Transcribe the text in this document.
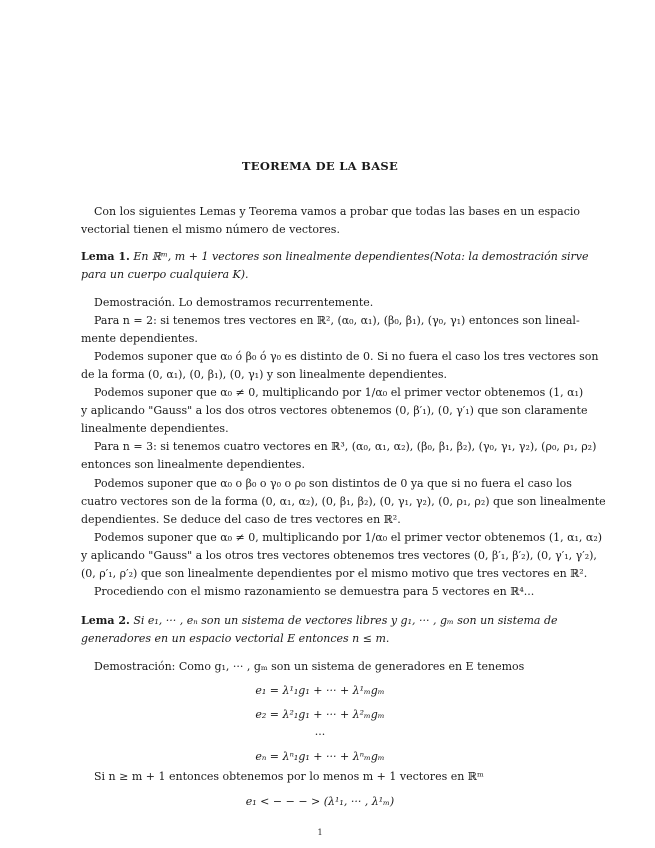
TEOREMA DE LA BASE
Con los siguientes Lemas y Teorema vamos a probar que todas las bases en un espacio
vectorial tienen el mismo número de vectores.
Lema 1. En ℝᵐ, m + 1 vectores son linealmente dependientes(Nota: la demostración sirve
para un cuerpo cualquiera K).
Demostración. Lo demostramos recurrentemente.
Para n = 2: si tenemos tres vectores en ℝ², (α₀, α₁), (β₀, β₁), (γ₀, γ₁) entonces son lineal-
mente dependientes.
Podemos suponer que α₀ ó β₀ ó γ₀ es distinto de 0. Si no fuera el caso los tres vectores son
de la forma (0, α₁), (0, β₁), (0, γ₁) y son linealmente dependientes.
Podemos suponer que α₀ ≠ 0, multiplicando por 1/α₀ el primer vector obtenemos (1, α₁)
y aplicando "Gauss" a los dos otros vectores obtenemos (0, β′₁), (0, γ′₁) que son claramente
linealmente dependientes.
Para n = 3: si tenemos cuatro vectores en ℝ³, (α₀, α₁, α₂), (β₀, β₁, β₂), (γ₀, γ₁, γ₂), (ρ₀, ρ₁, ρ₂)
entonces son linealmente dependientes.
Podemos suponer que α₀ o β₀ o γ₀ o ρ₀ son distintos de 0 ya que si no fuera el caso los
cuatro vectores son de la forma (0, α₁, α₂), (0, β₁, β₂), (0, γ₁, γ₂), (0, ρ₁, ρ₂) que son linealmente
dependientes. Se deduce del caso de tres vectores en ℝ².
Podemos suponer que α₀ ≠ 0, multiplicando por 1/α₀ el primer vector obtenemos (1, α₁, α₂)
y aplicando "Gauss" a los otros tres vectores obtenemos tres vectores (0, β′₁, β′₂), (0, γ′₁, γ′₂),
(0, ρ′₁, ρ′₂) que son linealmente dependientes por el mismo motivo que tres vectores en ℝ².
Procediendo con el mismo razonamiento se demuestra para 5 vectores en ℝ⁴...
Lema 2. Si e₁, ··· , eₙ son un sistema de vectores libres y g₁, ··· , gₘ son un sistema de
generadores en un espacio vectorial E entonces n ≤ m.
Demostración: Como g₁, ··· , gₘ son un sistema de generadores en E tenemos
e₁ = λ¹₁g₁ + ··· + λ¹ₘgₘ
e₂ = λ²₁g₁ + ··· + λ²ₘgₘ
···
eₙ = λⁿ₁g₁ + ··· + λⁿₘgₘ
Si n ≥ m + 1 entonces obtenemos por lo menos m + 1 vectores en ℝᵐ
e₁ < − − − > (λ¹₁, ··· , λ¹ₘ)
1
